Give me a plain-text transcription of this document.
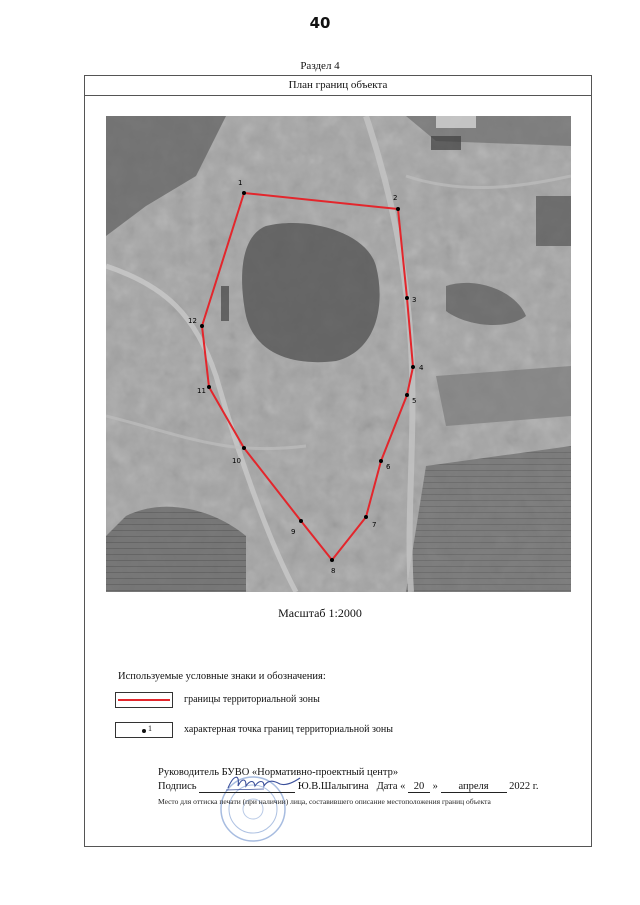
40
Раздел 4
План границ объекта
1
2
3
4
5
6
7
8
9
10
11
12
Масштаб 1:2000
Используемые условные знаки и обозначения:
границы территориальной зоны
1	характерная точка границ территориальной зоны
Руководитель БУВО «Нормативно-проектный центр»
Подпись	Ю.В.Шалыгина Дата « 20 » апреля 2022 г.
Место для оттиска печати (при наличии) лица, составившего описание местоположения границ объекта
